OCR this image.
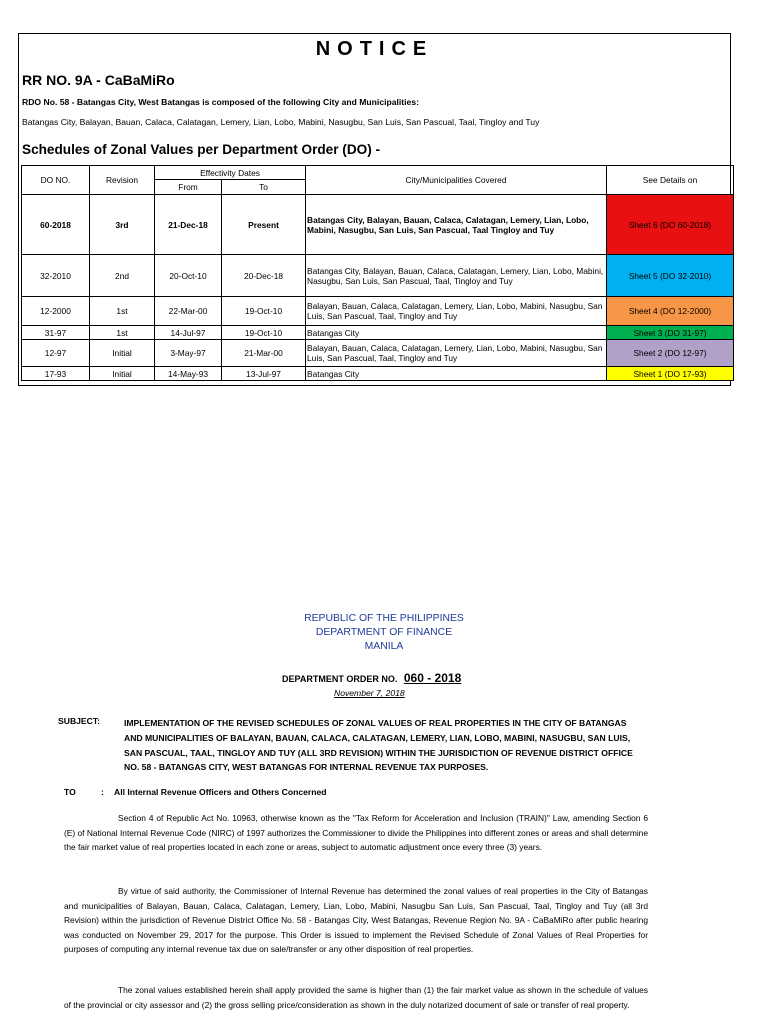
NOTICE
RR NO. 9A - CaBaMiRo
RDO No. 58 - Batangas City, West Batangas is composed of the following City and Municipalities:
Batangas City, Balayan, Bauan, Calaca, Calatagan, Lemery, Lian, Lobo, Mabini, Nasugbu, San Luis, San Pascual, Taal, Tingloy and Tuy
Schedules of Zonal Values per Department Order (DO) -
DO NO.	Revision	Effectivity Dates		City/Municipalities Covered	See Details on
		From	To		
60-2018	3rd	21-Dec-18	Present	Batangas City, Balayan, Bauan, Calaca, Calatagan, Lemery, Lian, Lobo, Mabini, Nasugbu, San Luis, San Pascual, Taal Tingloy and Tuy	Sheet 6 (DO 60-2018)
32-2010	2nd	20-Oct-10	20-Dec-18	Batangas City, Balayan, Bauan, Calaca, Calatagan, Lemery, Lian, Lobo, Mabini, Nasugbu, San Luis, San Pascual, Taal, Tingloy and Tuy	Sheet 5 (DO 32-2010)
12-2000	1st	22-Mar-00	19-Oct-10	Balayan, Bauan, Calaca, Calatagan, Lemery, Lian, Lobo, Mabini, Nasugbu, San Luis, San Pascual, Taal, Tingloy and Tuy	Sheet 4 (DO 12-2000)
31-97	1st	14-Jul-97	19-Oct-10	Batangas City	Sheet 3 (DO 31-97)
12-97	Initial	3-May-97	21-Mar-00	Balayan, Bauan, Calaca, Calatagan, Lemery, Lian, Lobo, Mabini, Nasugbu, San Luis, San Pascual, Taal, Tingloy and Tuy	Sheet 2 (DO 12-97)
17-93	Initial	14-May-93	13-Jul-97	Batangas City	Sheet 1 (DO 17-93)
REPUBLIC OF THE PHILIPPINES
DEPARTMENT OF FINANCE
MANILA
DEPARTMENT ORDER NO. 060 - 2018
November 7, 2018
SUBJECT:	IMPLEMENTATION OF THE REVISED SCHEDULES OF ZONAL VALUES OF REAL PROPERTIES IN THE CITY OF BATANGAS AND MUNICIPALITIES OF BALAYAN, BAUAN, CALACA, CALATAGAN, LEMERY, LIAN, LOBO, MABINI, NASUGBU, SAN LUIS, SAN PASCUAL, TAAL, TINGLOY AND TUY (ALL 3RD REVISION) WITHIN THE JURISDICTION OF REVENUE DISTRICT OFFICE NO. 58 - BATANGAS CITY, WEST BATANGAS FOR INTERNAL REVENUE TAX PURPOSES.
TO	: All Internal Revenue Officers and Others Concerned
Section 4 of Republic Act No. 10963, otherwise known as the "Tax Reform for Acceleration and Inclusion (TRAIN)" Law, amending Section 6 (E) of National Internal Revenue Code (NIRC) of 1997 authorizes the Commissioner to divide the Philippines into different zones or areas and shall determine the fair market value of real properties located in each zone or areas, subject to automatic adjustment once every three (3) years.
By virtue of said authority, the Commissioner of Internal Revenue has determined the zonal values of real properties in the City of Batangas and municipalities of Balayan, Bauan, Calaca, Calatagan, Lemery, Lian, Lobo, Mabini, Nasugbu San Luis, San Pascual, Taal, Tingloy and Tuy (all 3rd Revision) within the jurisdiction of Revenue District Office No. 58 - Batangas City, West Batangas, Revenue Region No. 9A - CaBaMiRo after public hearing was conducted on November 29, 2017 for the purpose. This Order is issued to implement the Revised Schedule of Zonal Values of Real Properties for purposes of computing any internal revenue tax due on sale/transfer or any other disposition of real properties.
The zonal values established herein shall apply provided the same is higher than (1) the fair market value as shown in the schedule of values of the provincial or city assessor and (2) the gross selling price/consideration as shown in the duly notarized document of sale or transfer of real property.
